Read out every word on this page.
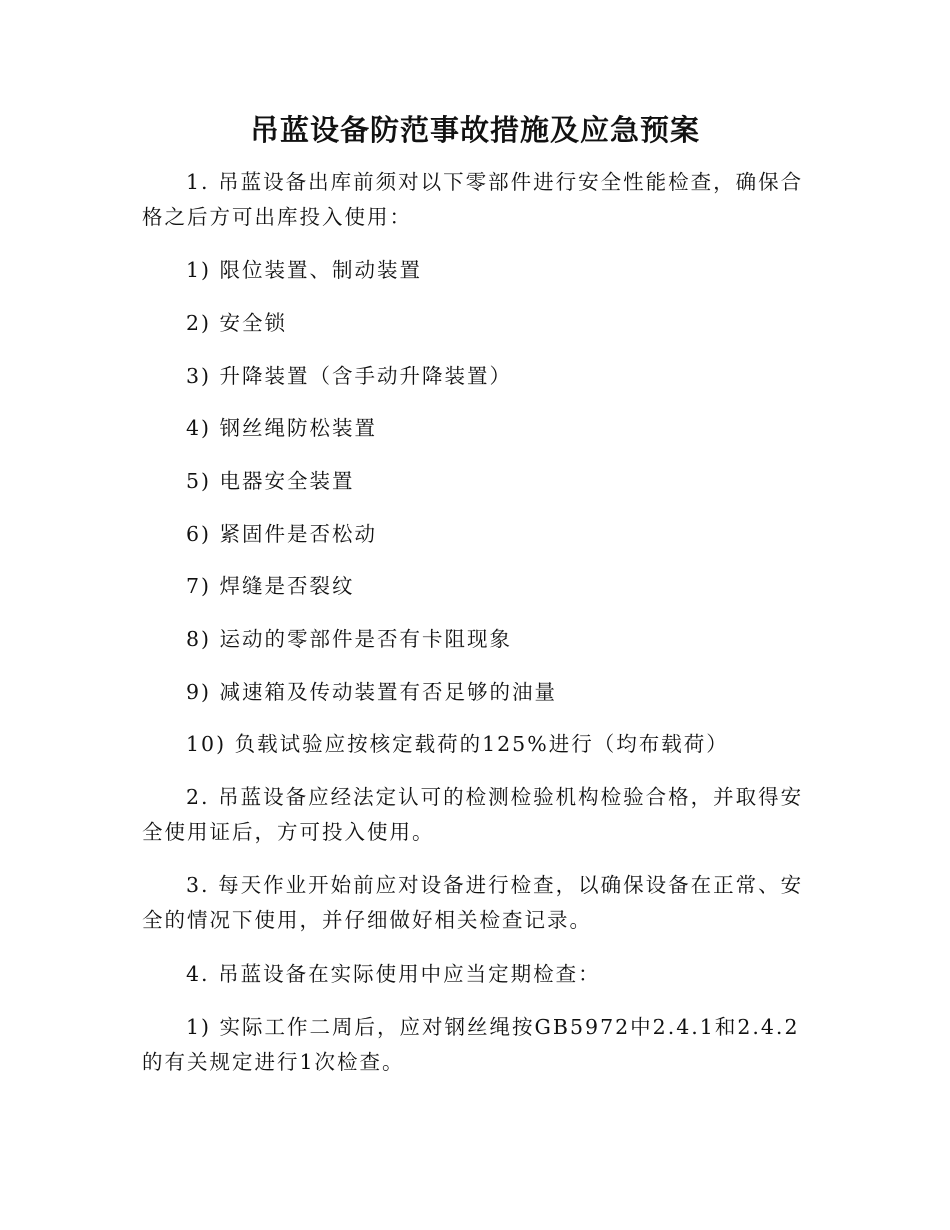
吊蓝设备防范事故措施及应急预案

1. 吊蓝设备出库前须对以下零部件进行安全性能检查，确保合格之后方可出库投入使用：

1) 限位装置、制动装置

2) 安全锁

3) 升降装置（含手动升降装置）

4) 钢丝绳防松装置

5) 电器安全装置

6) 紧固件是否松动

7) 焊缝是否裂纹

8) 运动的零部件是否有卡阻现象

9) 减速箱及传动装置有否足够的油量

10) 负载试验应按核定载荷的125%进行（均布载荷）

2. 吊蓝设备应经法定认可的检测检验机构检验合格，并取得安全使用证后，方可投入使用。

3. 每天作业开始前应对设备进行检查，以确保设备在正常、安全的情况下使用，并仔细做好相关检查记录。

4. 吊蓝设备在实际使用中应当定期检查：

1) 实际工作二周后，应对钢丝绳按GB5972中2.4.1和2.4.2的有关规定进行1次检查。
